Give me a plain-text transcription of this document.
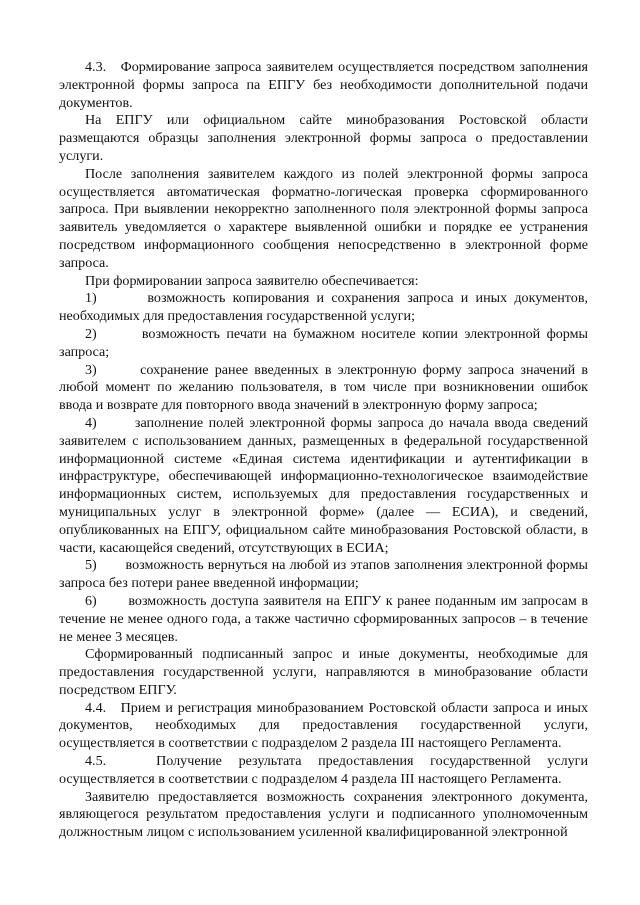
4.3.   Формирование запроса заявителем осуществляется посредством заполнения электронной формы запроса па ЕПГУ без необходимости дополнительной подачи документов.

На ЕПГУ или официальном сайте минобразования Ростовской области размещаются образцы заполнения электронной формы запроса о предоставлении услуги.

После заполнения заявителем каждого из полей электронной формы запроса осуществляется автоматическая форматно-логическая проверка сформированного запроса. При выявлении некорректно заполненного поля электронной формы запроса заявитель уведомляется о характере выявленной ошибки и порядке ее устранения посредством информационного сообщения непосредственно в электронной форме запроса.

При формировании запроса заявителю обеспечивается:

1)       возможность копирования и сохранения запроса и иных документов, необходимых для предоставления государственной услуги;

2)       возможность печати на бумажном носителе копии электронной формы запроса;

3)       сохранение ранее введенных в электронную форму запроса значений в любой момент по желанию пользователя, в том числе при возникновении ошибок ввода и возврате для повторного ввода значений в электронную форму запроса;

4)       заполнение полей электронной формы запроса до начала ввода сведений заявителем с использованием данных, размещенных в федеральной государственной информационной системе «Единая система идентификации и аутентификации в инфраструктуре, обеспечивающей информационно-технологическое взаимодействие информационных систем, используемых для предоставления государственных и муниципальных услуг в электронной форме» (далее — ЕСИА), и сведений, опубликованных на ЕПГУ, официальном сайте минобразования Ростовской области, в части, касающейся сведений, отсутствующих в ЕСИА;

5)       возможность вернуться на любой из этапов заполнения электронной формы запроса без потери ранее введенной информации;

6)       возможность доступа заявителя на ЕПГУ к ранее поданным им запросам в течение не менее одного года, а также частично сформированных запросов – в течение не менее 3 месяцев.

Сформированный подписанный запрос и иные документы, необходимые для предоставления государственной услуги, направляются в минобразование области посредством ЕПГУ.

4.4.   Прием и регистрация минобразованием Ростовской области запроса и иных документов, необходимых для предоставления государственной услуги, осуществляется в соответствии с подразделом 2 раздела III настоящего Регламента.

4.5.   Получение результата предоставления государственной услуги осуществляется в соответствии с подразделом 4 раздела III настоящего Регламента.

Заявителю предоставляется возможность сохранения электронного документа, являющегося результатом предоставления услуги и подписанного уполномоченным должностным лицом с использованием усиленной квалифицированной электронной
